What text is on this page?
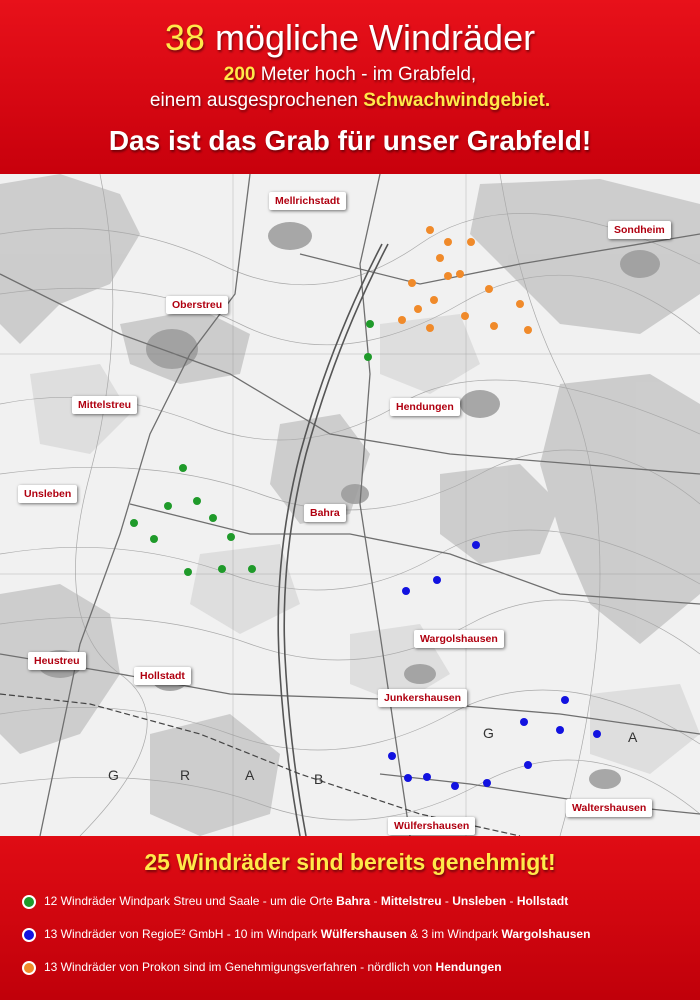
38 mögliche Windräder
200 Meter hoch - im Grabfeld,
einem ausgesprochenen Schwachwindgebiet.
Das ist das Grab für unser Grabfeld!
G	R	A	B
G	A
Mellrichstadt
Sondheim
Oberstreu
Mittelstreu	Hendungen
Unsleben
Bahra
Wargolshausen
Heustreu
Hollstadt
Junkershausen
Waltershausen
Wülfershausen
25 Windräder sind bereits genehmigt!
12 Windräder Windpark Streu und Saale - um die Orte Bahra - Mittelstreu - Unsleben - Hollstadt
13 Windräder von RegioE² GmbH - 10 im Windpark Wülfershausen & 3 im Windpark Wargolshausen
13 Windräder von Prokon sind im Genehmigungsverfahren - nördlich von Hendungen
